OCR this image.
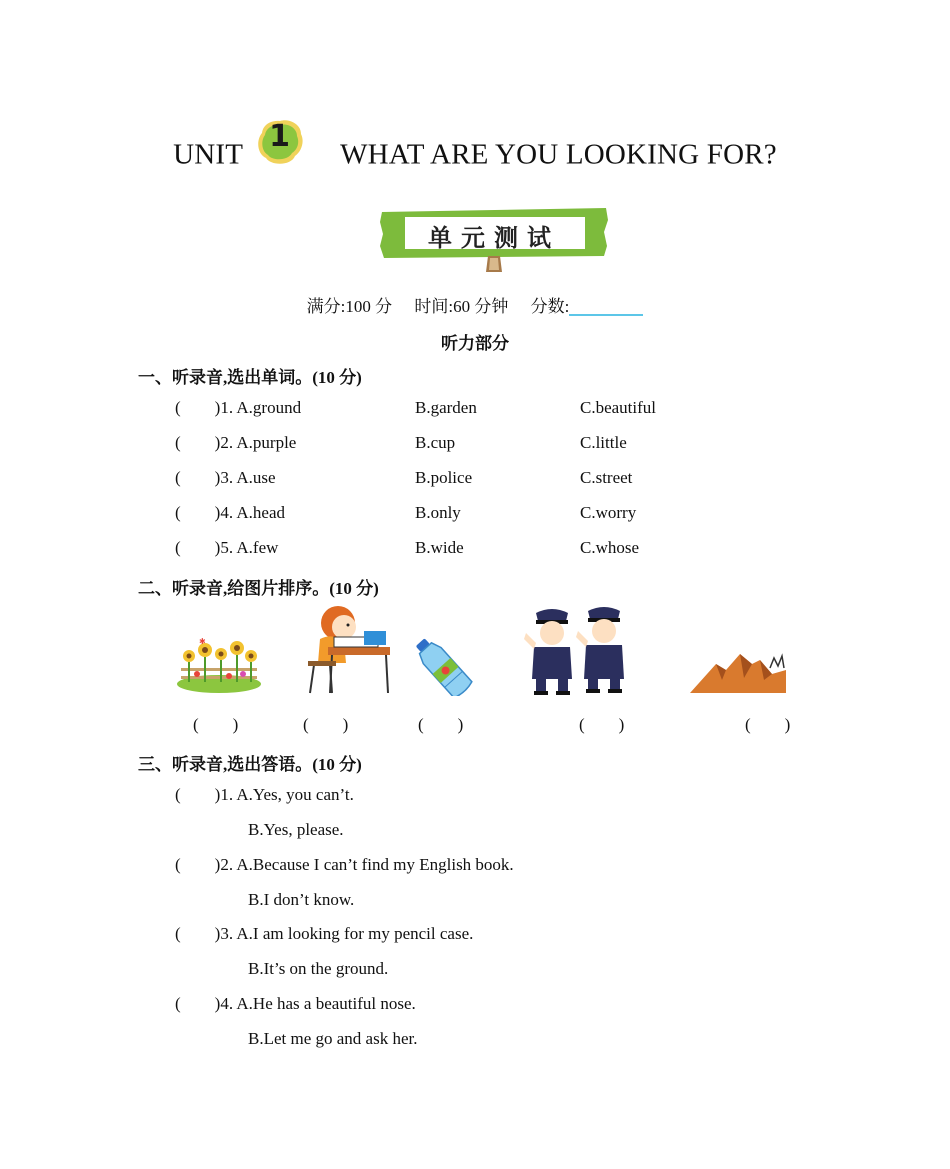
UNIT
1
WHAT ARE YOU LOOKING FOR?
单元测试
满分:100 分 时间:60 分钟 分数:
听力部分
一、听录音,选出单词。(10 分)
(        )1. A.ground	B.garden	C.beautiful
(        )2. A.purple	B.cup	C.little
(        )3. A.use	B.police	C.street
(        )4. A.head	B.only	C.worry
(        )5. A.few	B.wide	C.whose
二、听录音,给图片排序。(10 分)
✱
(        )	(        )	(        )	(        )	(        )
三、听录音,选出答语。(10 分)
(        )1. A.Yes, you can’t.
B.Yes, please.
(        )2. A.Because I can’t find my English book.
B.I don’t know.
(        )3. A.I am looking for my pencil case.
B.It’s on the ground.
(        )4. A.He has a beautiful nose.
B.Let me go and ask her.
